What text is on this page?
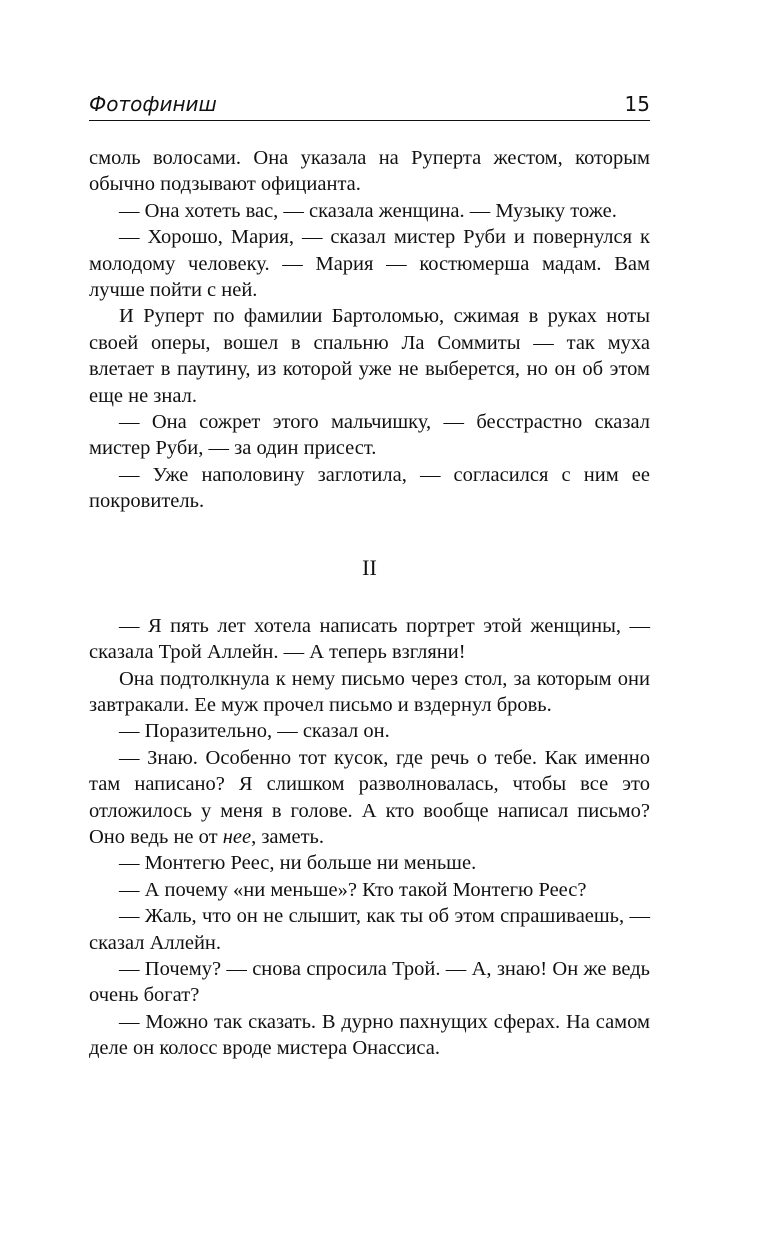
Фотофиниш	15

смоль волосами. Она указала на Руперта жестом, которым обычно подзывают официанта.

— Она хотеть вас, — сказала женщина. — Музыку тоже.

— Хорошо, Мария, — сказал мистер Руби и повернулся к молодому человеку. — Мария — костюмерша мадам. Вам лучше пойти с ней.

И Руперт по фамилии Бартоломью, сжимая в руках ноты своей оперы, вошел в спальню Ла Соммиты — так муха влетает в паутину, из которой уже не выберется, но он об этом еще не знал.

— Она сожрет этого мальчишку, — бесстрастно сказал мистер Руби, — за один присест.

— Уже наполовину заглотила, — согласился с ним ее покровитель.

II

— Я пять лет хотела написать портрет этой женщины, — сказала Трой Аллейн. — А теперь взгляни!

Она подтолкнула к нему письмо через стол, за которым они завтракали. Ее муж прочел письмо и вздернул бровь.

— Поразительно, — сказал он.

— Знаю. Особенно тот кусок, где речь о тебе. Как именно там написано? Я слишком разволновалась, чтобы все это отложилось у меня в голове. А кто вообще написал письмо? Оно ведь не от нее, заметь.

— Монтегю Реес, ни больше ни меньше.

— А почему «ни меньше»? Кто такой Монтегю Реес?

— Жаль, что он не слышит, как ты об этом спрашиваешь, — сказал Аллейн.

— Почему? — снова спросила Трой. — А, знаю! Он же ведь очень богат?

— Можно так сказать. В дурно пахнущих сферах. На самом деле он колосс вроде мистера Онассиса.
